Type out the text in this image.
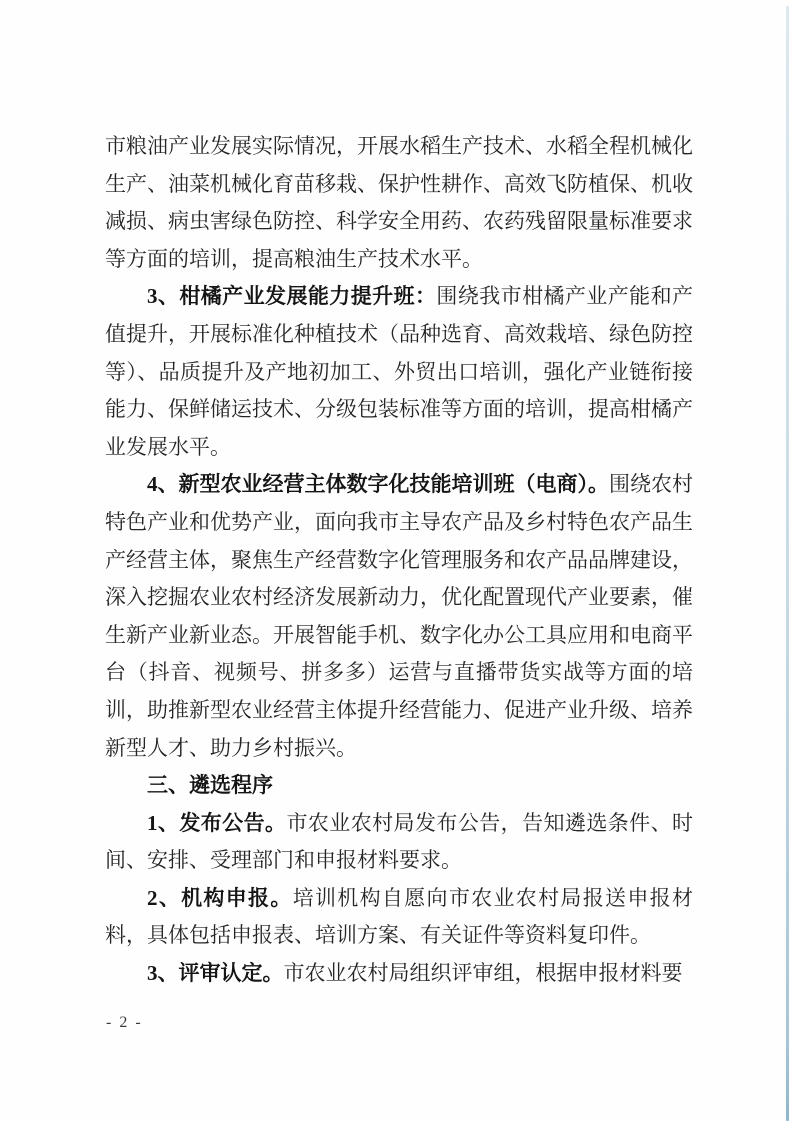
市粮油产业发展实际情况，开展水稻生产技术、水稻全程机械化生产、油菜机械化育苗移栽、保护性耕作、高效飞防植保、机收减损、病虫害绿色防控、科学安全用药、农药残留限量标准要求等方面的培训，提高粮油生产技术水平。

3、柑橘产业发展能力提升班：围绕我市柑橘产业产能和产值提升，开展标准化种植技术（品种选育、高效栽培、绿色防控等）、品质提升及产地初加工、外贸出口培训，强化产业链衔接能力、保鲜储运技术、分级包装标准等方面的培训，提高柑橘产业发展水平。

4、新型农业经营主体数字化技能培训班（电商）。围绕农村特色产业和优势产业，面向我市主导农产品及乡村特色农产品生产经营主体，聚焦生产经营数字化管理服务和农产品品牌建设，深入挖掘农业农村经济发展新动力，优化配置现代产业要素，催生新产业新业态。开展智能手机、数字化办公工具应用和电商平台（抖音、视频号、拼多多）运营与直播带货实战等方面的培训，助推新型农业经营主体提升经营能力、促进产业升级、培养新型人才、助力乡村振兴。

三、遴选程序

1、发布公告。市农业农村局发布公告，告知遴选条件、时间、安排、受理部门和申报材料要求。

2、机构申报。培训机构自愿向市农业农村局报送申报材料，具体包括申报表、培训方案、有关证件等资料复印件。

3、评审认定。市农业农村局组织评审组，根据申报材料要

- 2 -
